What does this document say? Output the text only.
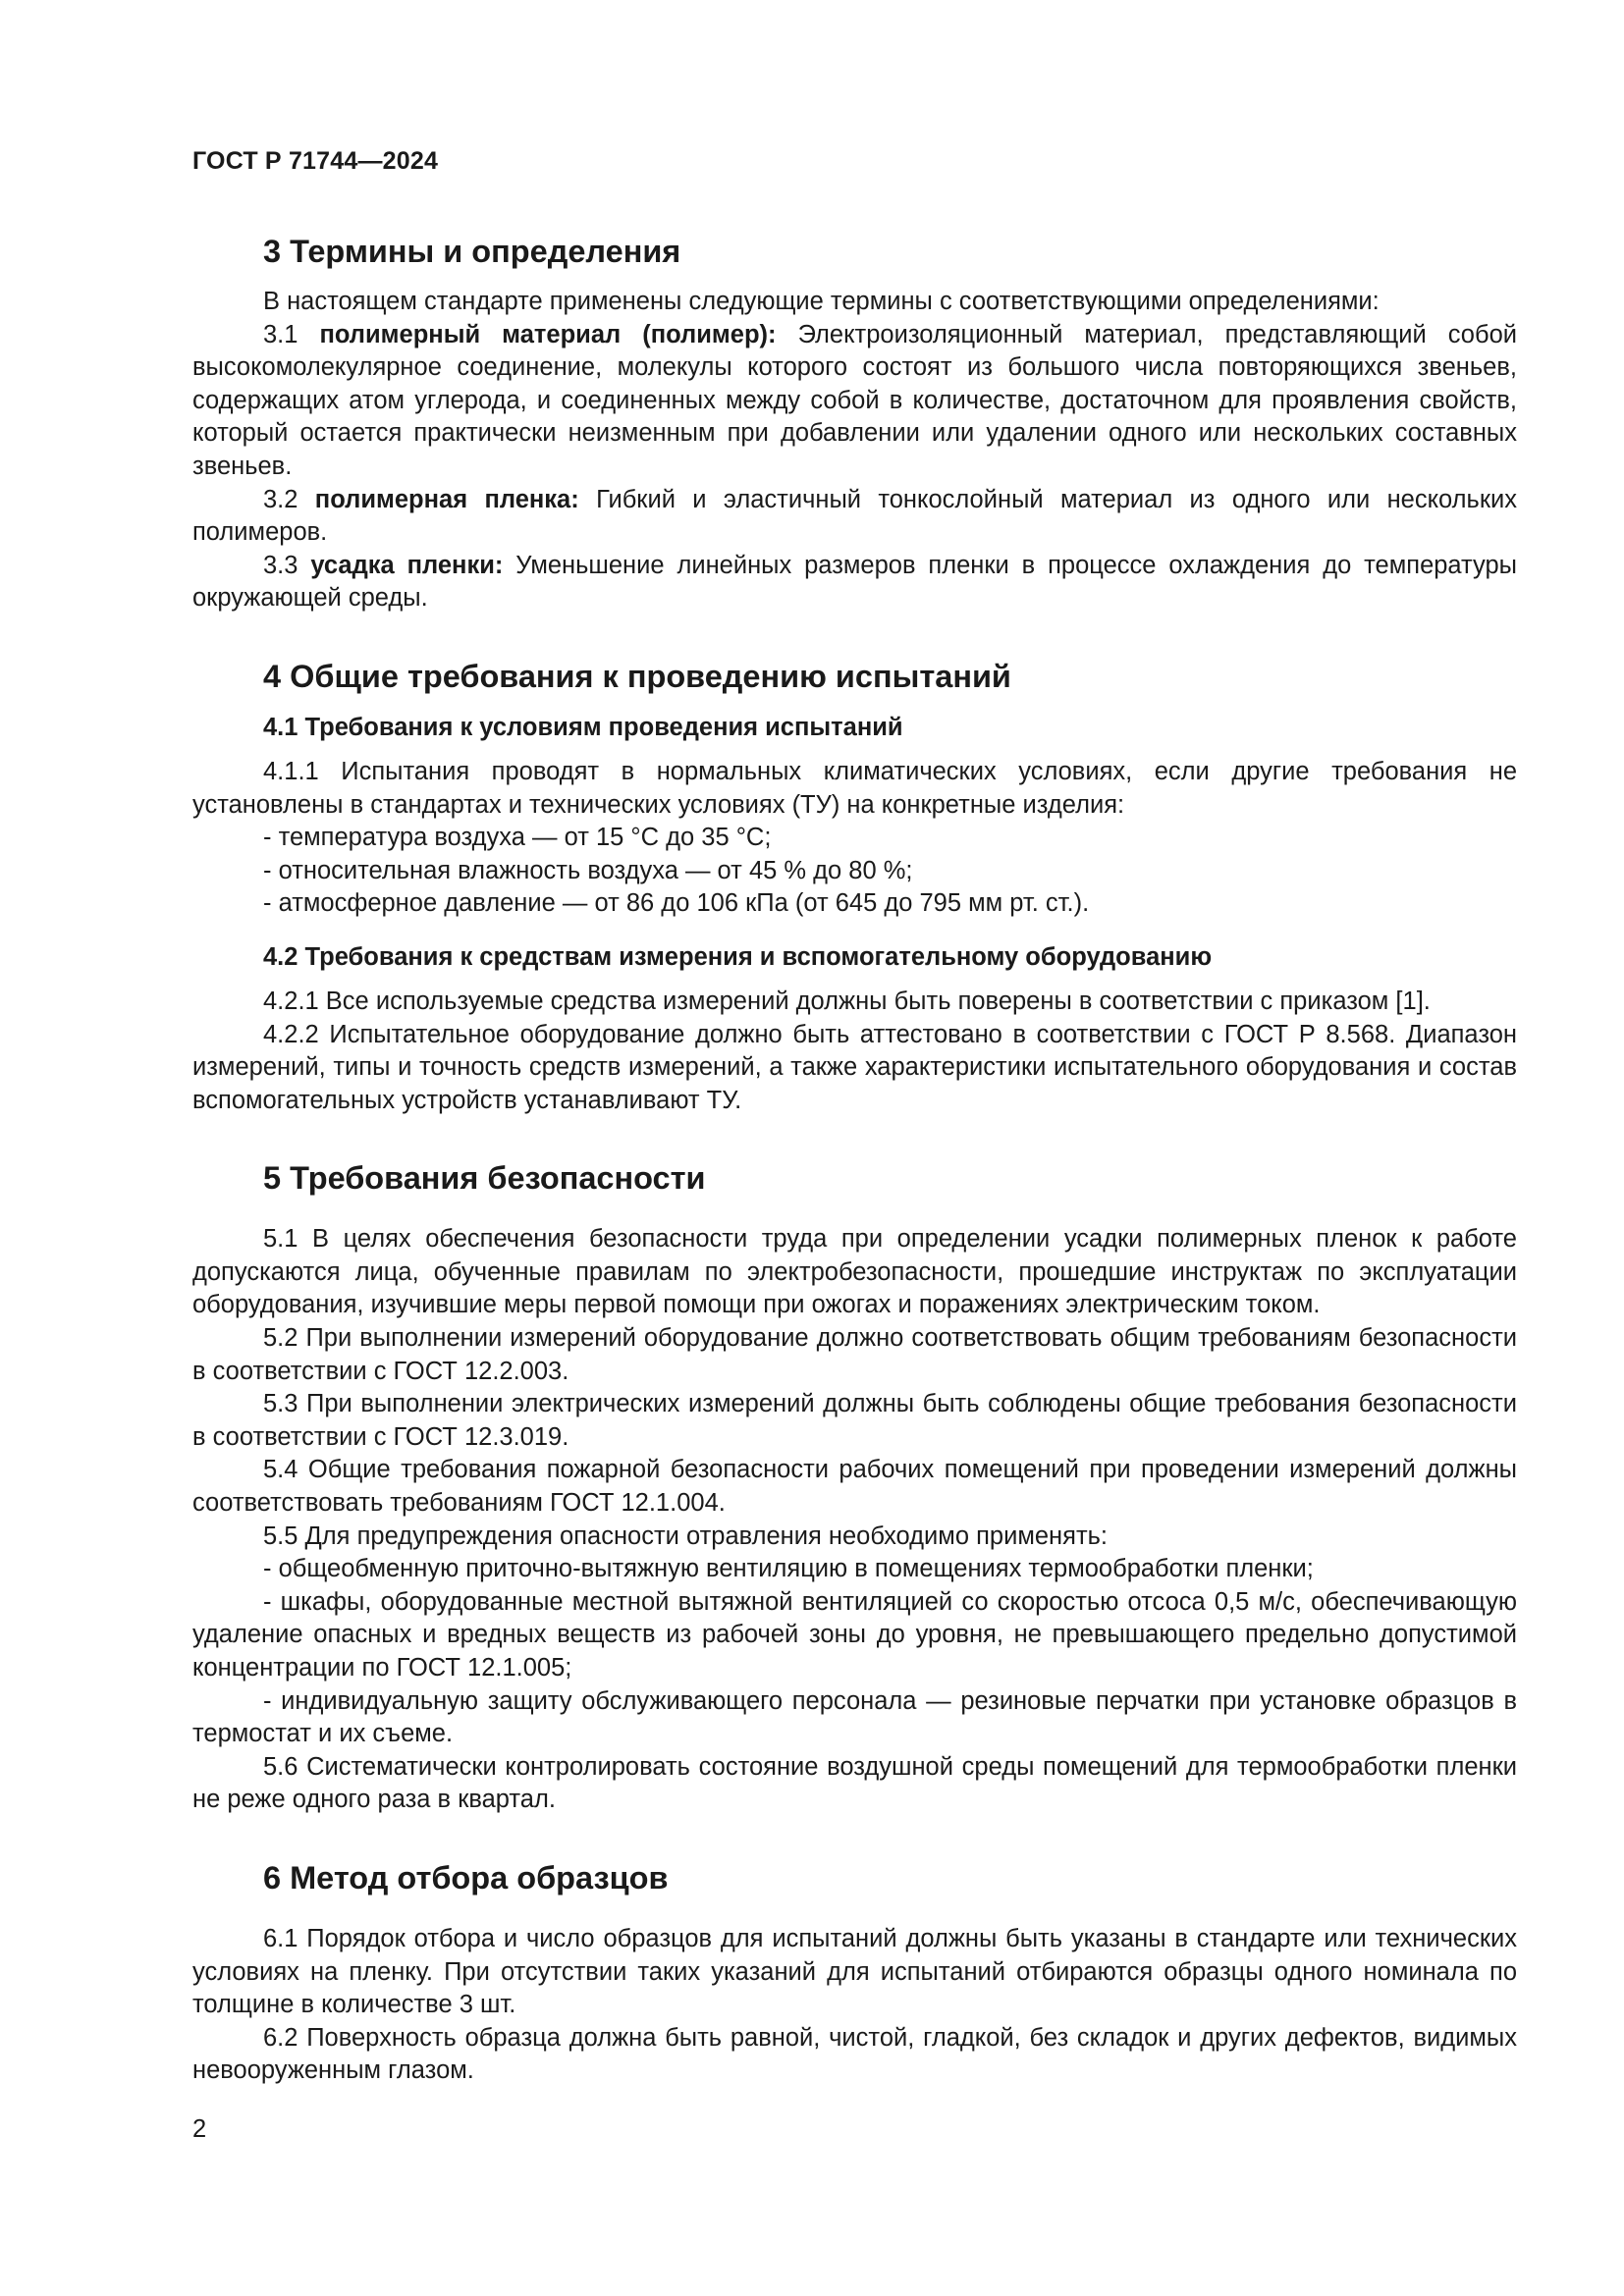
ГОСТ Р 71744—2024
3 Термины и определения

В настоящем стандарте применены следующие термины с соответствующими определениями:

3.1 полимерный материал (полимер): Электроизоляционный материал, представляющий собой высокомолекулярное соединение, молекулы которого состоят из большого числа повторяющихся звеньев, содержащих атом углерода, и соединенных между собой в количестве, достаточном для проявления свойств, который остается практически неизменным при добавлении или удалении одного или нескольких составных звеньев.

3.2 полимерная пленка: Гибкий и эластичный тонкослойный материал из одного или нескольких полимеров.

3.3 усадка пленки: Уменьшение линейных размеров пленки в процессе охлаждения до температуры окружающей среды.

4 Общие требования к проведению испытаний
4.1 Требования к условиям проведения испытаний

4.1.1 Испытания проводят в нормальных климатических условиях, если другие требования не установлены в стандартах и технических условиях (ТУ) на конкретные изделия:

- температура воздуха — от 15 °С до 35 °С;

- относительная влажность воздуха — от 45 % до 80 %;

- атмосферное давление — от 86 до 106 кПа (от 645 до 795 мм рт. ст.).

4.2 Требования к средствам измерения и вспомогательному оборудованию

4.2.1 Все используемые средства измерений должны быть поверены в соответствии с приказом [1].

4.2.2 Испытательное оборудование должно быть аттестовано в соответствии с ГОСТ Р 8.568. Диапазон измерений, типы и точность средств измерений, а также характеристики испытательного оборудования и состав вспомогательных устройств устанавливают ТУ.

5 Требования безопасности

5.1 В целях обеспечения безопасности труда при определении усадки полимерных пленок к работе допускаются лица, обученные правилам по электробезопасности, прошедшие инструктаж по эксплуатации оборудования, изучившие меры первой помощи при ожогах и поражениях электрическим током.

5.2 При выполнении измерений оборудование должно соответствовать общим требованиям безопасности в соответствии с ГОСТ 12.2.003.

5.3 При выполнении электрических измерений должны быть соблюдены общие требования безопасности в соответствии с ГОСТ 12.3.019.

5.4 Общие требования пожарной безопасности рабочих помещений при проведении измерений должны соответствовать требованиям ГОСТ 12.1.004.

5.5 Для предупреждения опасности отравления необходимо применять:

- общеобменную приточно-вытяжную вентиляцию в помещениях термообработки пленки;

- шкафы, оборудованные местной вытяжной вентиляцией со скоростью отсоса 0,5 м/с, обеспечивающую удаление опасных и вредных веществ из рабочей зоны до уровня, не превышающего предельно допустимой концентрации по ГОСТ 12.1.005;

- индивидуальную защиту обслуживающего персонала — резиновые перчатки при установке образцов в термостат и их съеме.

5.6 Систематически контролировать состояние воздушной среды помещений для термообработки пленки не реже одного раза в квартал.

6 Метод отбора образцов

6.1 Порядок отбора и число образцов для испытаний должны быть указаны в стандарте или технических условиях на пленку. При отсутствии таких указаний для испытаний отбираются образцы одного номинала по толщине в количестве 3 шт.

6.2 Поверхность образца должна быть равной, чистой, гладкой, без складок и других дефектов, видимых невооруженным глазом.

2
